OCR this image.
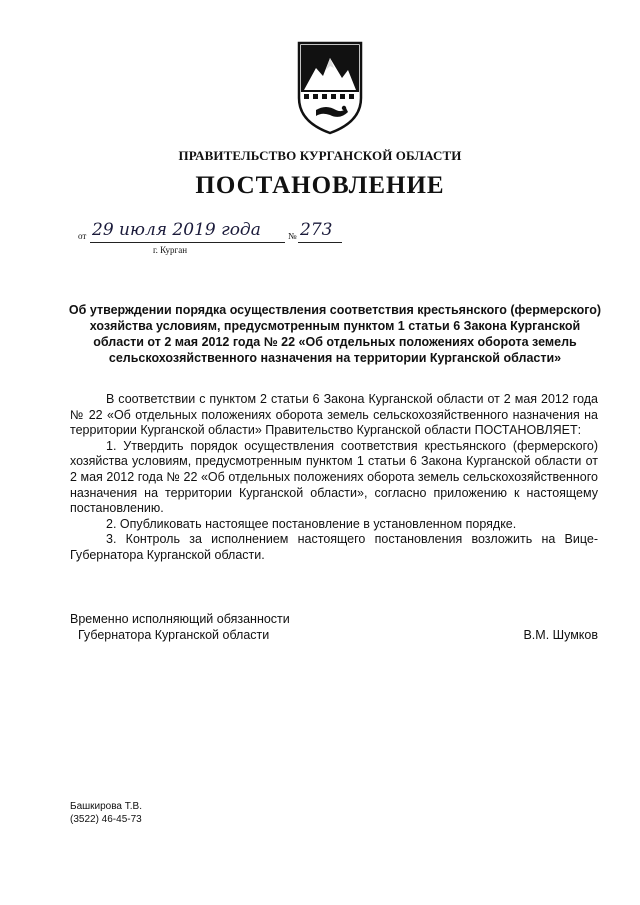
ПРАВИТЕЛЬСТВО КУРГАНСКОЙ ОБЛАСТИ
ПОСТАНОВЛЕНИЕ
от 29 июля 2019 года	№ 273
г. Курган
Об утверждении порядка осуществления соответствия крестьянского (фермерского) хозяйства условиям, предусмотренным пунктом 1 статьи 6 Закона Курганской области от 2 мая 2012 года № 22 «Об отдельных положениях оборота земель сельскохозяйственного назначения на территории Курганской области»

В соответствии с пунктом 2 статьи 6 Закона Курганской области от 2 мая 2012 года № 22 «Об отдельных положениях оборота земель сельскохозяйственного назначения на территории Курганской области» Правительство Курганской области ПОСТАНОВЛЯЕТ:

1. Утвердить порядок осуществления соответствия крестьянского (фермерского) хозяйства условиям, предусмотренным пунктом 1 статьи 6 Закона Курганской области от 2 мая 2012 года № 22 «Об отдельных положениях оборота земель сельскохозяйственного назначения на территории Курганской области», согласно приложению к настоящему постановлению.

2. Опубликовать настоящее постановление в установленном порядке.

3. Контроль за исполнением настоящего постановления возложить на Вице-Губернатора Курганской области.

Временно исполняющий обязанности
Губернатора Курганской области	В.М. Шумков
Башкирова Т.В.
(3522) 46-45-73
